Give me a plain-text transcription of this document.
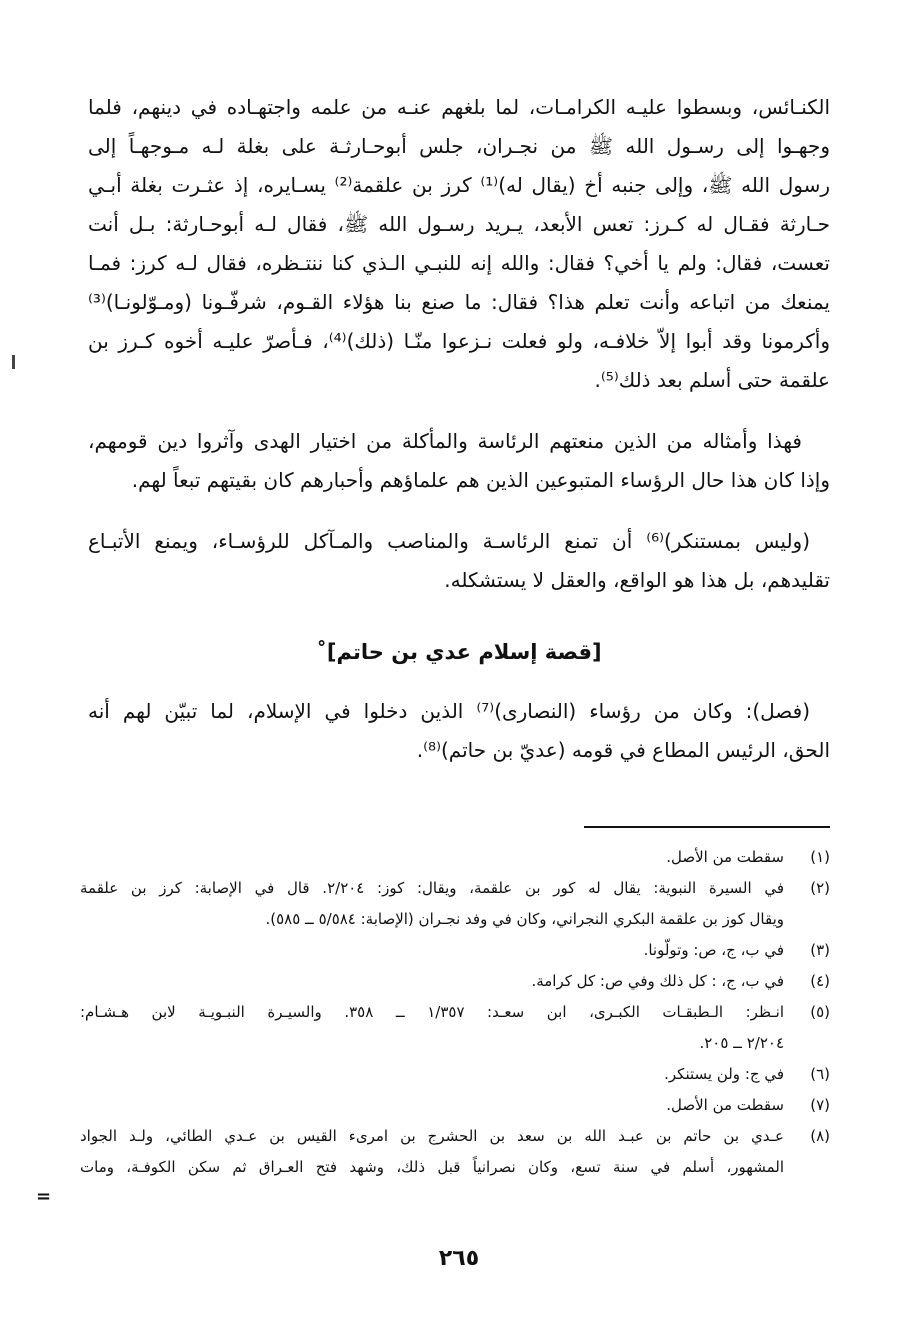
الكنـائس، وبسطوا عليـه الكرامـات، لما بلغهم عنـه من علمه واجتهـاده في دينهم، فلما
وجهـوا إلى رسـول الله ﷺ من نجـران، جلس أبوحـارثـة على بغلة لـه مـوجهـاً إلى
رسول الله ﷺ، وإلى جنبه أخ (يقال له)⁽¹⁾ كرز بن علقمة⁽²⁾ يسـايره، إذ عثـرت بغلة أبـي
حـارثة فقـال له كـرز: تعس الأبعد، يـريد رسـول الله ﷺ، فقال لـه أبوحـارثة: بـل أنت
تعست، فقال: ولم يا أخي؟ فقال: والله إنه للنبـي الـذي كنا ننتـظره، فقال لـه كرز: فمـا
يمنعك من اتباعه وأنت تعلم هذا؟ فقال: ما صنع بنا هؤلاء القـوم، شرفّـونا (ومـوّلونـا)⁽³⁾
وأكرمونا وقد أبوا إلاّ خلافـه، ولو فعلت نـزعوا منّـا (ذلك)⁽⁴⁾، فـأصرّ عليـه أخوه كـرز بن
علقمة حتى أسلم بعد ذلك⁽⁵⁾.

فهذا وأمثاله من الذين منعتهم الرئاسة والمأكلة من اختيار الهدى وآثروا دين قومهم،
وإذا كان هذا حال الرؤساء المتبوعين الذين هم علماؤهم وأحبارهم كان بقيتهم تبعاً لهم.

(وليس بمستنكر)⁽⁶⁾ أن تمنع الرئاسـة والمناصب والمـآكل للرؤسـاء، ويمنع الأتبـاع
تقليدهم، بل هذا هو الواقع، والعقل لا يستشكله.

[قصة إسلام عدي بن حاتم]˚

(فصل): وكان من رؤساء (النصارى)⁽⁷⁾ الذين دخلوا في الإسلام، لما تبيّن لهم أنه
الحق، الرئيس المطاع في قومه (عديّ بن حاتم)⁽⁸⁾.

(١)
سقطت من الأصل.
(٢)
في السيرة النبوية: يقال له كور بن علقمة، ويقال: كوز: ٢/٢٠٤. قال في الإصابة: كرز بن علقمة
ويقال كوز بن علقمة البكري النجراني، وكان في وفد نجـران (الإصابة: ٥/٥٨٤ ــ ٥٨٥).
(٣)
في ب، ج، ص: وتولّونا.
(٤)
في ب، ج، : كل ذلك وفي ص: كل كرامة.
(٥)
انـظر: الـطبقـات الكبـرى، ابن سعـد: ١/٣٥٧ ــ ٣٥٨. والسيـرة النبـويـة لابن هـشـام:
٢/٢٠٤ ــ ٢٠٥.
(٦)
في ج: ولن يستنكر.
(٧)
سقطت من الأصل.
(٨)
عـدي بن حاتم بن عبـد الله بن سعد بن الحشرج بن امرىء القيس بن عـدي الطائي، ولـد الجواد
المشهور، أسلم في سنة تسع، وكان نصرانياً قبل ذلك، وشهد فتح العـراق ثم سكن الكوفـة، ومات
=
٢٦٥
